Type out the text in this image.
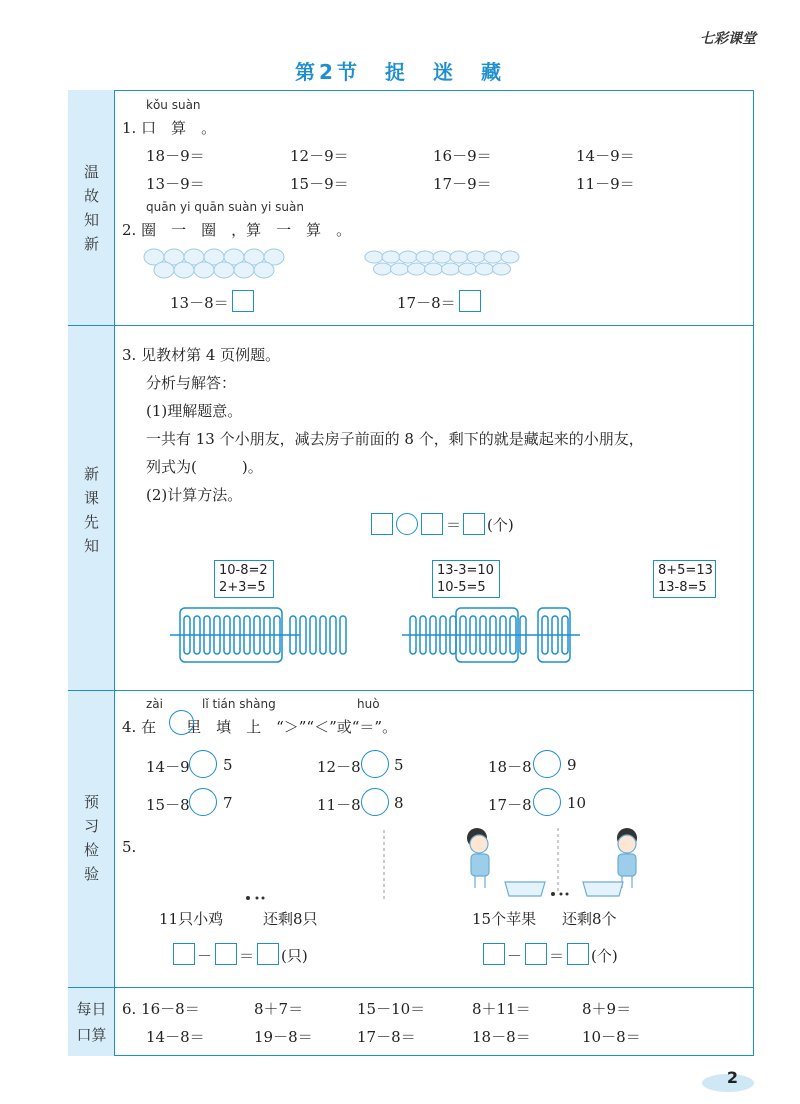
七彩课堂
第2节　捉　迷　藏
温故知新
新课先知
预习检验
每日口算
kǒu suàn
1. 口　算　。
18－9＝	12－9＝	16－9＝	14－9＝
13－9＝	15－9＝	17－9＝	11－9＝
quān yi quān suàn yi suàn
2. 圈　一　圈　，算　一　算　。
13－8＝	17－8＝
3. 见教材第 4 页例题。
分析与解答：
(1)理解题意。
一共有 13 个小朋友，减去房子前面的 8 个，剩下的就是藏起来的小朋友，
列式为(　　　)。
(2)计算方法。
＝ (个)
10-8=2
2+3=5
13-3=10
10-5=5
8+5=13
13-8=5
zài	lǐ tián shàng	huò
4. 在　　里　填　上　“＞”“＜”或“＝”。
14－9 5	12－8 5	18－8 9
15－8 7	11－8 8	17－8 10
5.
11只小鸡	还剩8只	15个苹果 还剩8个
－ ＝ (只)	－ ＝ (个)
6. 16－8＝	8＋7＝	15－10＝	8＋11＝	8＋9＝
14－8＝	19－8＝	17－8＝	18－8＝	10－8＝
2
